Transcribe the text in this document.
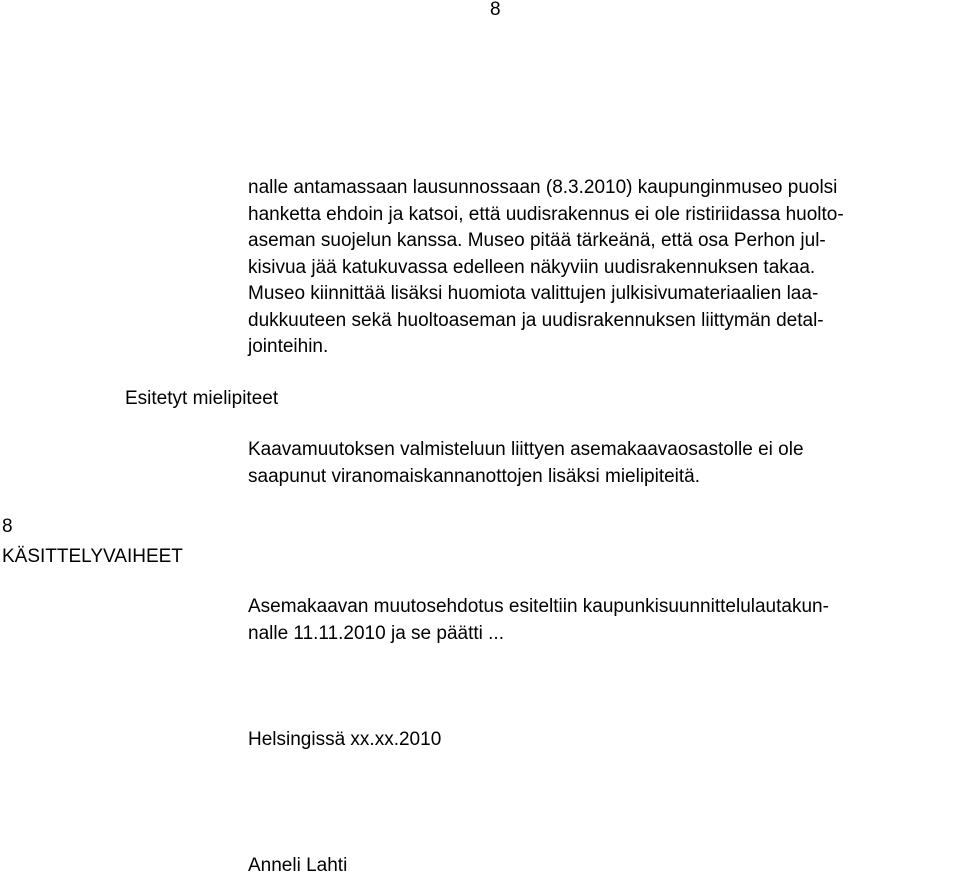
8
nalle antamassaan lausunnossaan (8.3.2010) kaupunginmuseo puolsi
hanketta ehdoin ja katsoi, että uudisrakennus ei ole ristiriidassa huolto-
aseman suojelun kanssa. Museo pitää tärkeänä, että osa Perhon jul-
kisivua jää katukuvassa edelleen näkyviin uudisrakennuksen takaa.
Museo kiinnittää lisäksi huomiota valittujen julkisivumateriaalien laa-
dukkuuteen sekä huoltoaseman ja uudisrakennuksen liittymän detal-
jointeihin.
Esitetyt mielipiteet
Kaavamuutoksen valmisteluun liittyen asemakaavaosastolle ei ole
saapunut viranomaiskannanottojen lisäksi mielipiteitä.
8
KÄSITTELYVAIHEET
Asemakaavan muutosehdotus esiteltiin kaupunkisuunnittelulautakun-
nalle 11.11.2010 ja se päätti ...
Helsingissä xx.xx.2010
Anneli Lahti
